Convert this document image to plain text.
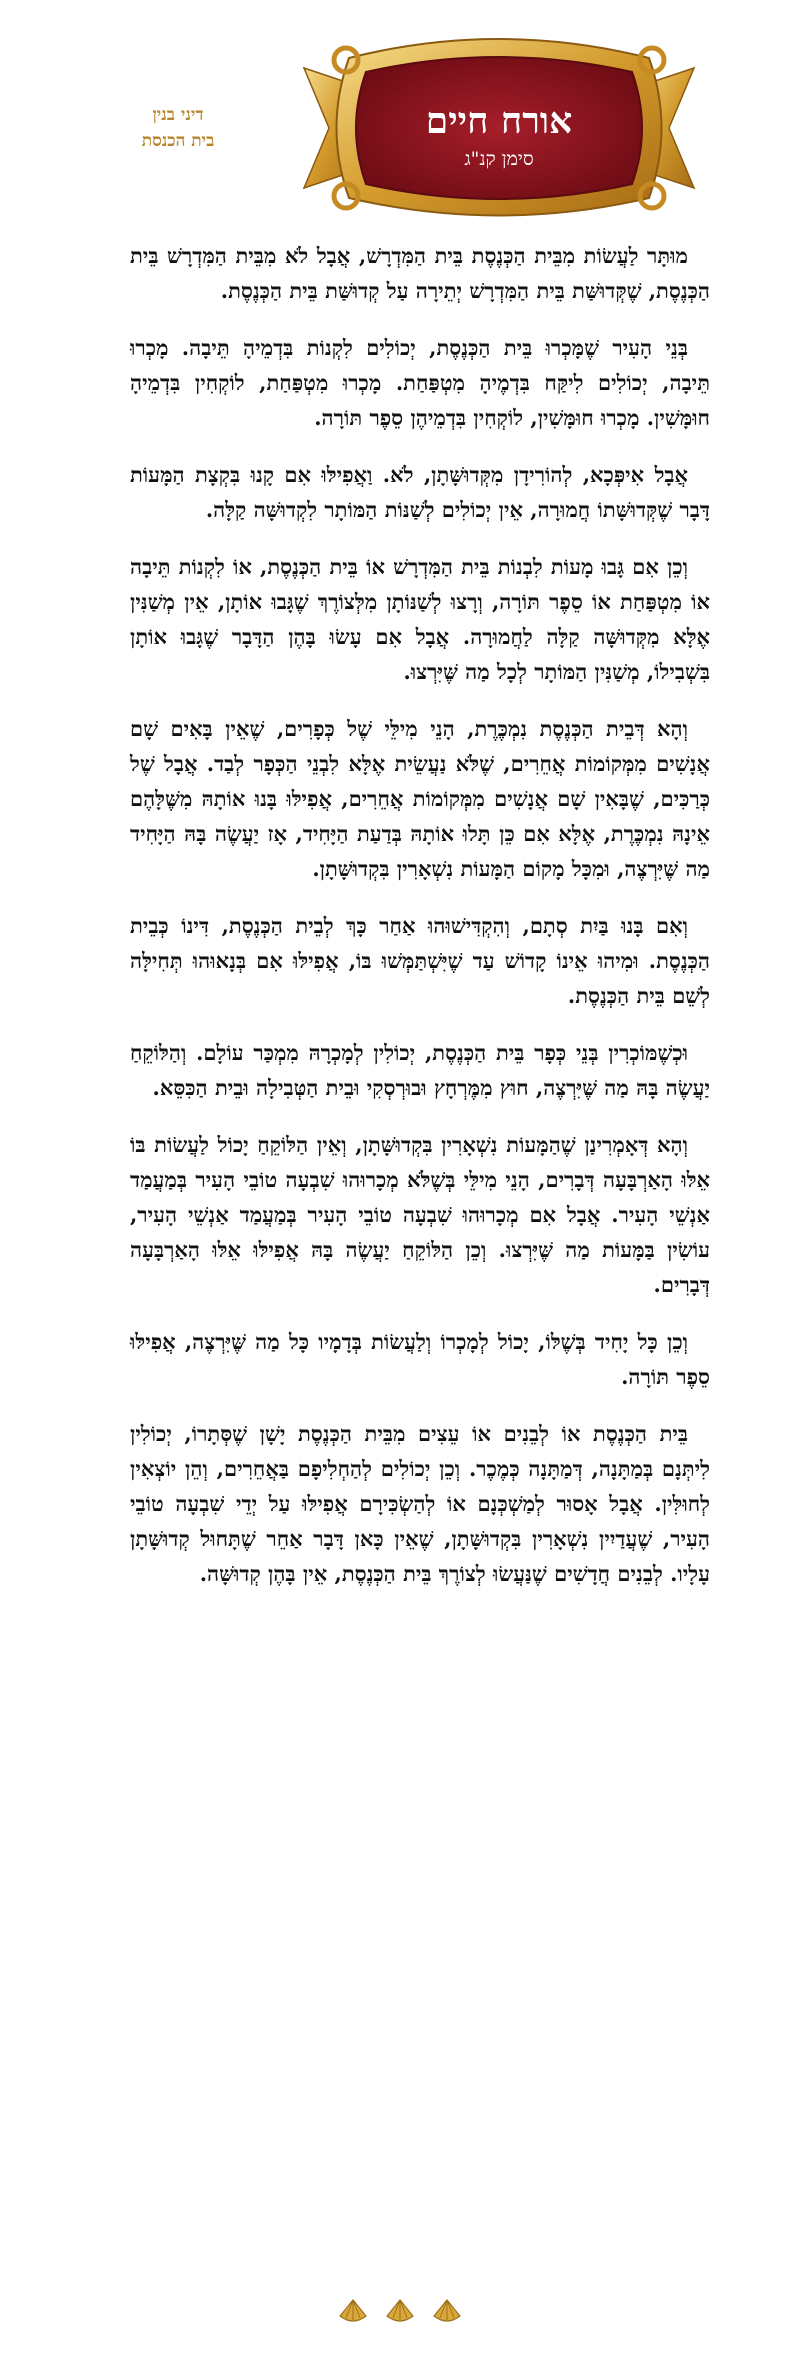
דיני בנין
בית הכנסת	אורח חיים
סימן קנ"ג

מוּתָּר לַעֲשׂוֹת מִבֵּית הַכְּנֶסֶת בֵּית הַמִּדְרָשׁ, אֲבָל לֹא מִבֵּית הַמִּדְרָשׁ בֵּית הַכְּנֶסֶת, שֶׁקְּדוּשַּׁת בֵּית הַמִּדְרָשׁ יְתֵירָה עַל קְדוּשַּׁת בֵּית הַכְּנֶסֶת.

בְּנֵי הָעִיר שֶׁמָּכְרוּ בֵּית הַכְּנֶסֶת, יְכוֹלִים לִקְנוֹת בִּדְמֵיהָ תֵּיבָה. מָכְרוּ תֵּיבָה, יְכוֹלִים לִיקַּח בִּדְמֶיהָ מִטְפַּחַת. מָכְרוּ מִטְפַּחַת, לוֹקְחִין בִּדְמֵיהָ חוּמָּשִׁין. מָכְרוּ חוּמָּשִׁין, לוֹקְחִין בִּדְמֵיהֶן סֵפֶר תּוֹרָה.

אֲבָל אִיפְּכָא, לְהוֹרִידָן מִקְּדוּשָּׁתָן, לֹא. וַאֲפִילּוּ אִם קָנוּ בִּקְצָת הַמָּעוֹת דָּבָר שֶׁקְּדוּשָּׁתוֹ חֲמוּרָה, אֵין יְכוֹלִים לְשַׁנּוֹת הַמּוֹתָר לִקְדוּשָּׁה קַלָּה.

וְכֵן אִם גָּבוּ מָעוֹת לִבְנוֹת בֵּית הַמִּדְרָשׁ אוֹ בֵּית הַכְּנֶסֶת, אוֹ לִקְנוֹת תֵּיבָה אוֹ מִטְפַּחַת אוֹ סֵפֶר תּוֹרָה, וְרָצוּ לְשַׁנּוֹתָן מִלְּצוֹרֶךְ שֶׁגָּבוּ אוֹתָן, אֵין מְשַׁנִּין אֶלָּא מִקְּדוּשָּׁה קַלָּה לַחֲמוּרָה. אֲבָל אִם עָשׂוּ בָּהֶן הַדָּבָר שֶׁגָּבוּ אוֹתָן בִּשְׁבִילוֹ, מְשַׁנִּין הַמּוֹתָר לְכָל מַה שֶּׁיִּרְצוּ.

וְהָא דְּבֵית הַכְּנֶסֶת נִמְכֶּרֶת, הָנֵי מִילֵּי שֶׁל כְּפָרִים, שֶׁאֵין בָּאִים שָׁם אֲנָשִׁים מִמְּקוֹמוֹת אֲחֵרִים, שֶׁלֹּא נַעֲשֵׂית אֶלָּא לִבְנֵי הַכְּפָר לְבַד. אֲבָל שֶׁל כְּרַכִּים, שֶׁבָּאִין שָׁם אֲנָשִׁים מִמְּקוֹמוֹת אֲחֵרִים, אֲפִילּוּ בָּנוּ אוֹתָהּ מִשֶּׁלָּהֶם אֵינָהּ נִמְכֶּרֶת, אֶלָּא אִם כֵּן תָּלוּ אוֹתָהּ בְּדַעַת הַיָּחִיד, אָז יַעֲשֶׂה בָּהּ הַיָּחִיד מַה שֶּׁיִּרְצֶה, וּמִכָּל מָקוֹם הַמָּעוֹת נִשְׁאָרִין בִּקְדוּשָּׁתָן.

וְאִם בָּנוּ בַּיִת סְתָם, וְהִקְדִּישׁוּהוּ אַחַר כָּךְ לְבֵית הַכְּנֶסֶת, דִּינוֹ כְּבֵית הַכְּנֶסֶת. וּמִיהוּ אֵינוֹ קָדוֹשׁ עַד שֶׁיִּשְׁתַּמְּשׁוּ בּוֹ, אֲפִילּוּ אִם בְּנָאוּהוּ תְּחִילָּה לְשֵׁם בֵּית הַכְּנֶסֶת.

וּכְשֶׁמּוֹכְרִין בְּנֵי כְּפָר בֵּית הַכְּנֶסֶת, יְכוֹלִין לְמָכְרָהּ מִמְכַּר עוֹלָם. וְהַלּוֹקֵחַ יַעֲשֶׂה בָּהּ מַה שֶּׁיִּרְצֶה, חוּץ מִמֶּרְחָץ וּבוּרְסְקִי וּבֵית הַטְּבִילָה וּבֵית הַכִּסֵּא.

וְהָא דְּאָמְרִינַן שֶׁהַמָּעוֹת נִשְׁאָרִין בִּקְדוּשָּׁתָן, וְאֵין הַלּוֹקֵחַ יָכוֹל לַעֲשׂוֹת בּוֹ אֵלּוּ הָאַרְבָּעָה דְּבָרִים, הָנֵי מִילֵּי בְּשֶׁלֹּא מְכָרוּהוּ שִׁבְעָה טוֹבֵי הָעִיר בְּמַעֲמַד אַנְשֵׁי הָעִיר. אֲבָל אִם מְכָרוּהוּ שִׁבְעָה טוֹבֵי הָעִיר בְּמַעֲמַד אַנְשֵׁי הָעִיר, עוֹשִׂין בַּמָּעוֹת מַה שֶּׁיִּרְצוּ. וְכֵן הַלּוֹקֵחַ יַעֲשֶׂה בָּהּ אֲפִילּוּ אֵלּוּ הָאַרְבָּעָה דְּבָרִים.

וְכֵן כָּל יָחִיד בְּשֶׁלּוֹ, יָכוֹל לְמָכְרוֹ וְלַעֲשׂוֹת בְּדָמָיו כָּל מַה שֶּׁיִּרְצֶה, אֲפִילּוּ סֵפֶר תּוֹרָה.

בֵּית הַכְּנֶסֶת אוֹ לְבֵנִים אוֹ עֵצִים מִבֵּית הַכְּנֶסֶת יָשָׁן שֶׁסְּתָרוֹ, יְכוֹלִין לִיתְּנָם בְּמַתָּנָה, דְּמַתָּנָה כְּמֶכֶר. וְכֵן יְכוֹלִים לְהַחְלִיפָם בַּאֲחֵרִים, וְהֵן יוֹצְאִין לְחוּלִּין. אֲבָל אָסוּר לְמַשְׁכְּנָם אוֹ לְהַשְׂכִּירָם אֲפִילּוּ עַל יְדֵי שִׁבְעָה טוֹבֵי הָעִיר, שֶׁעֲדַיִין נִשְׁאָרִין בִּקְדוּשָּׁתָן, שֶׁאֵין כָּאן דָּבָר אַחֵר שֶׁתָּחוּל קְדוּשָּׁתָן עָלָיו. לְבֵנִים חֲדָשִׁים שֶׁנַּעֲשׂוּ לְצוֹרֶךְ בֵּית הַכְּנֶסֶת, אֵין בָּהֶן קְדוּשָּׁה.
